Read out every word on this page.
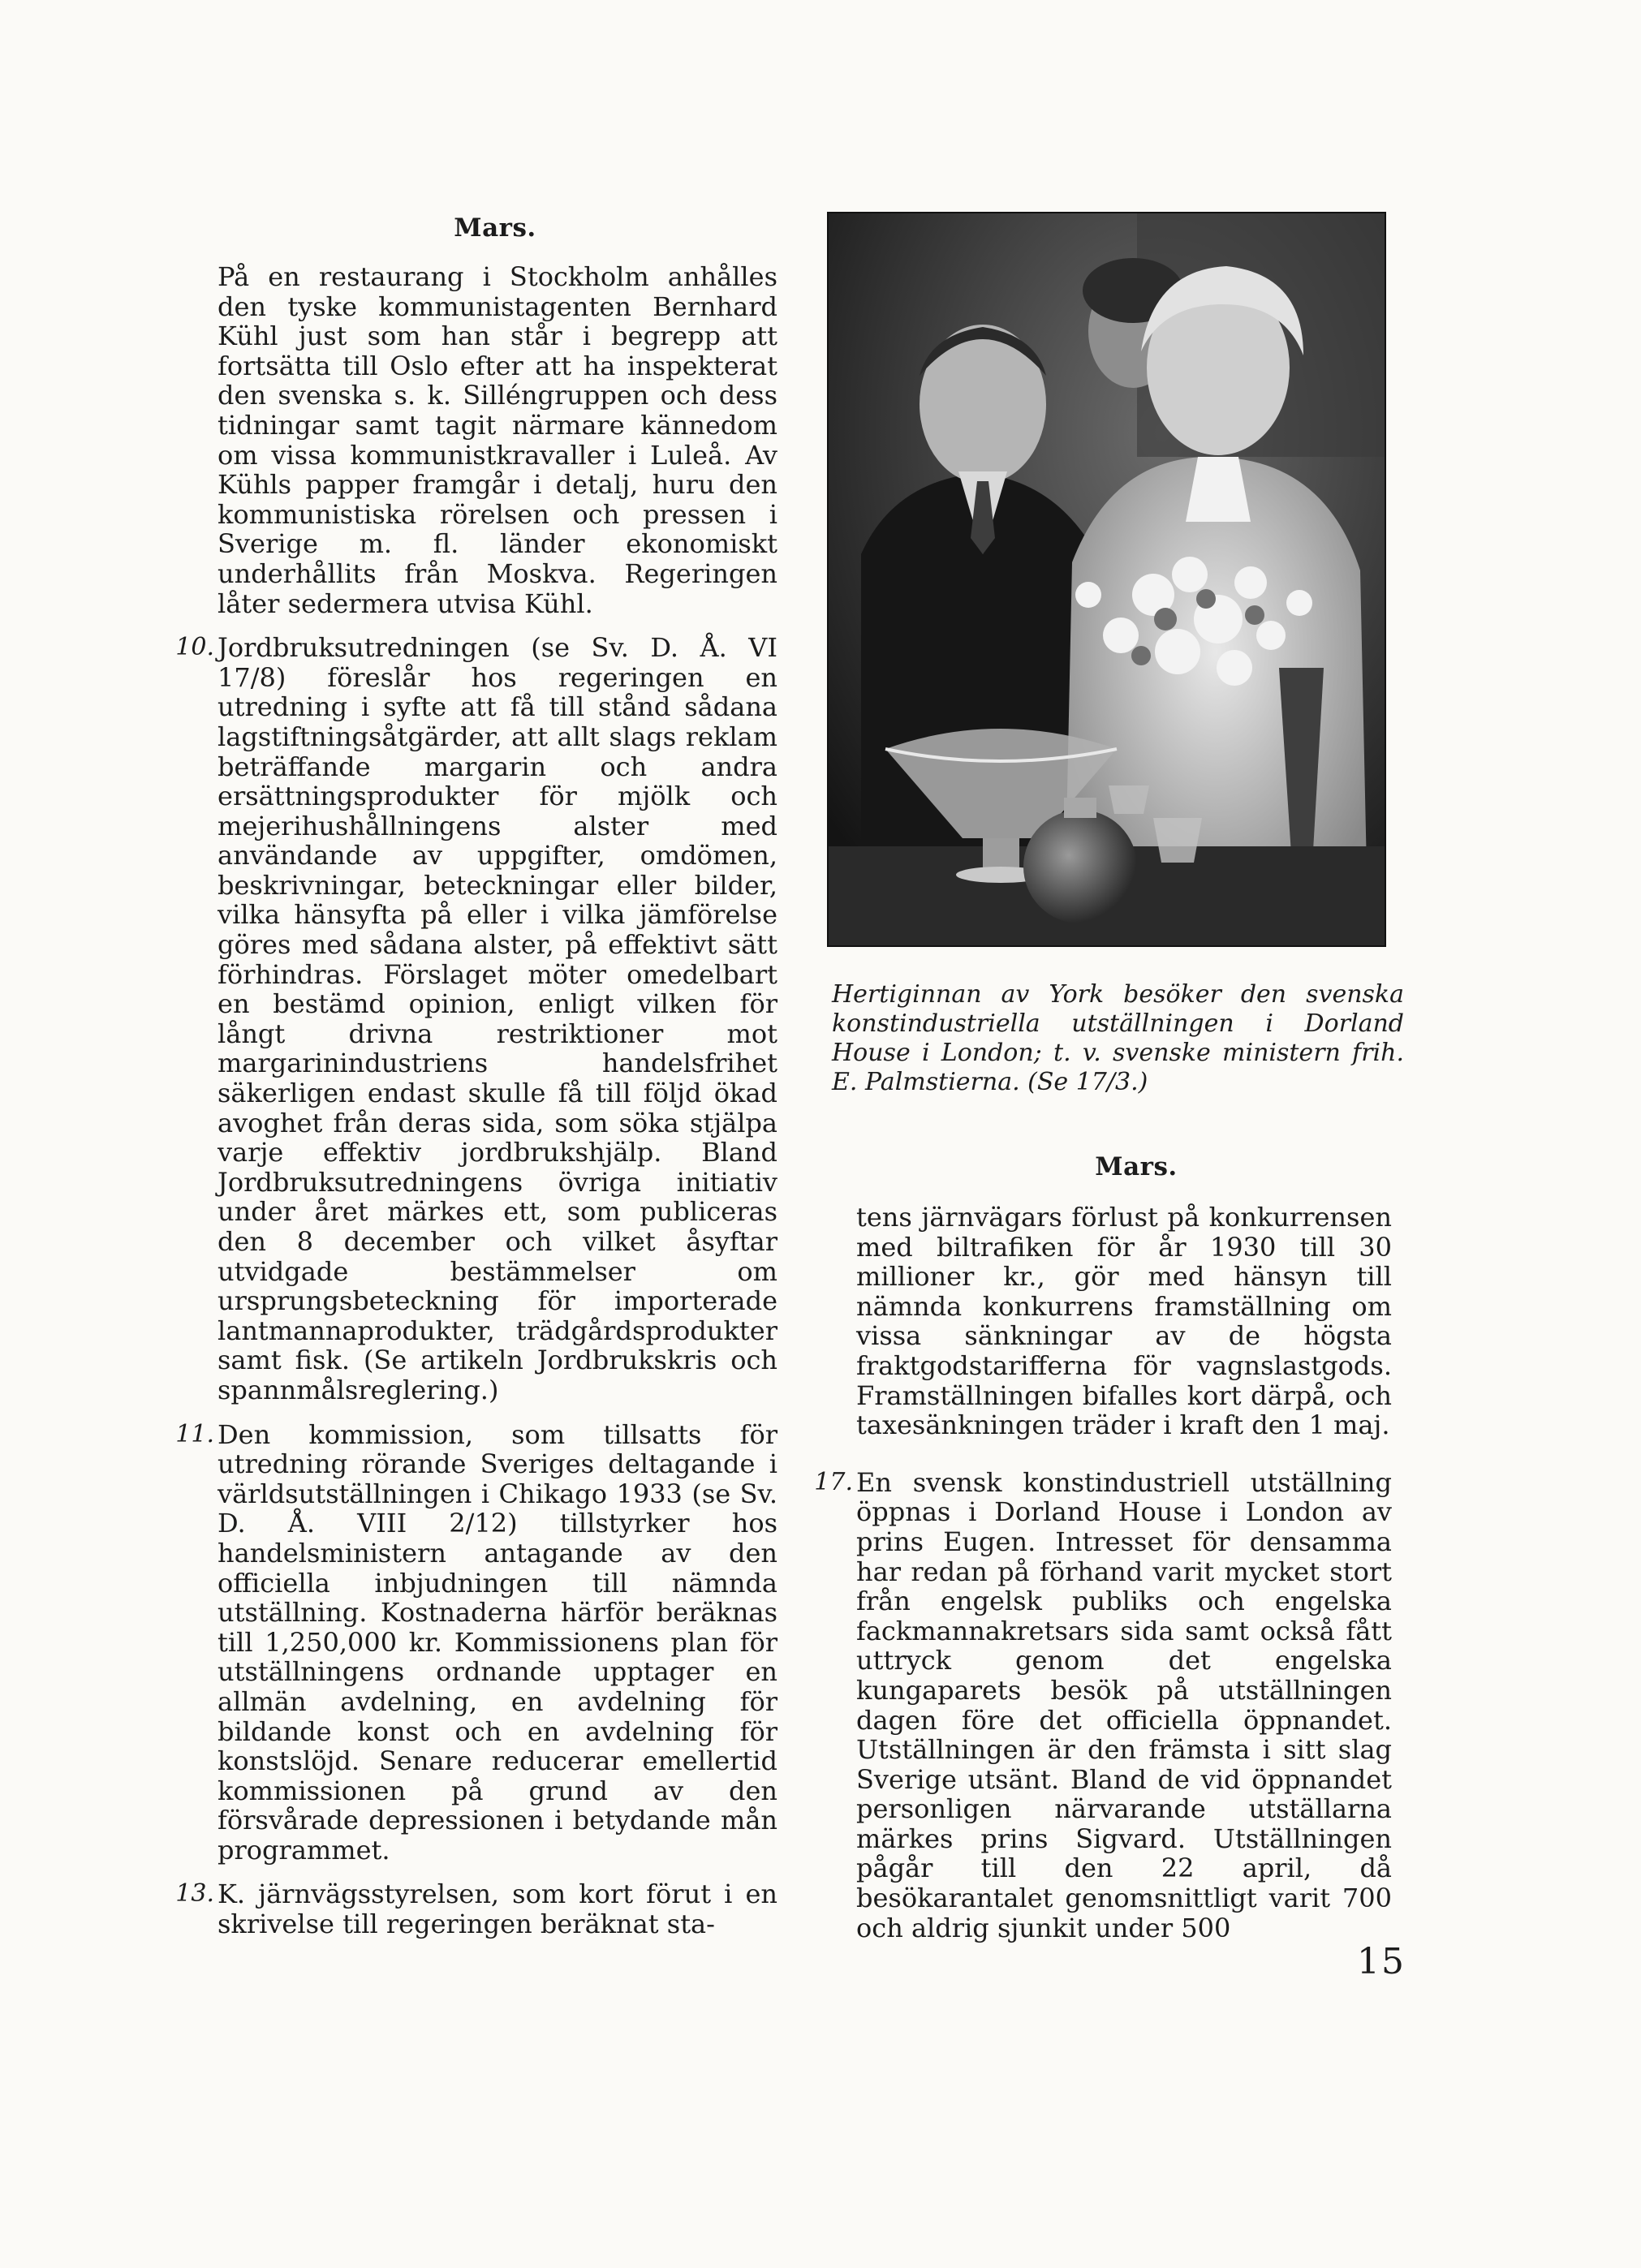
Mars.

På en restaurang i Stockholm anhålles den tyske kommunistagenten Bernhard Kühl just som han står i begrepp att fortsätta till Oslo efter att ha inspekterat den svenska s. k. Silléngruppen och dess tidningar samt tagit närmare kännedom om vissa kommunistkravaller i Luleå. Av Kühls papper framgår i detalj, huru den kommunistiska rörelsen och pressen i Sverige m. fl. länder ekonomiskt underhållits från Moskva. Regeringen låter sedermera utvisa Kühl.

10. Jordbruksutredningen (se Sv. D. Å. VI 17/8) föreslår hos regeringen en utredning i syfte att få till stånd sådana lagstiftningsåtgärder, att allt slags reklam beträffande margarin och andra ersättningsprodukter för mjölk och mejerihushållningens alster med användande av uppgifter, omdömen, beskrivningar, beteckningar eller bilder, vilka hänsyfta på eller i vilka jämförelse göres med sådana alster, på effektivt sätt förhindras. Förslaget möter omedelbart en bestämd opinion, enligt vilken för långt drivna restriktioner mot margarinindustriens handelsfrihet säkerligen endast skulle få till följd ökad avoghet från deras sida, som söka stjälpa varje effektiv jordbrukshjälp. Bland Jordbruksutredningens övriga initiativ under året märkes ett, som publiceras den 8 december och vilket åsyftar utvidgade bestämmelser om ursprungsbeteckning för importerade lantmannaprodukter, trädgårdsprodukter samt fisk. (Se artikeln Jordbrukskris och spannmålsreglering.)

11. Den kommission, som tillsatts för utredning rörande Sveriges deltagande i världsutställningen i Chikago 1933 (se Sv. D. Å. VIII 2/12) tillstyrker hos handelsministern antagande av den officiella inbjudningen till nämnda utställning. Kostnaderna härför beräknas till 1,250,000 kr. Kommissionens plan för utställningens ordnande upptager en allmän avdelning, en avdelning för bildande konst och en avdelning för konstslöjd. Senare reducerar emellertid kommissionen på grund av den försvårade depressionen i betydande mån programmet.

13. K. järnvägsstyrelsen, som kort förut i en skrivelse till regeringen beräknat sta-

Hertiginnan av York besöker den svenska konstindustriella utställningen i Dorland House i London; t. v. svenske ministern frih. E. Palmstierna. (Se 17/3.)
Mars.

tens järnvägars förlust på konkurrensen med biltrafiken för år 1930 till 30 millioner kr., gör med hänsyn till nämnda konkurrens framställning om vissa sänkningar av de högsta fraktgodstarifferna för vagnslastgods. Framställningen bifalles kort därpå, och taxesänkningen träder i kraft den 1 maj.

17. En svensk konstindustriell utställning öppnas i Dorland House i London av prins Eugen. Intresset för densamma har redan på förhand varit mycket stort från engelsk publiks och engelska fackmannakretsars sida samt också fått uttryck genom det engelska kungaparets besök på utställningen dagen före det officiella öppnandet. Utställningen är den främsta i sitt slag Sverige utsänt. Bland de vid öppnandet personligen närvarande utställarna märkes prins Sigvard. Utställningen pågår till den 22 april, då besökarantalet genomsnittligt varit 700 och aldrig sjunkit under 500

15
